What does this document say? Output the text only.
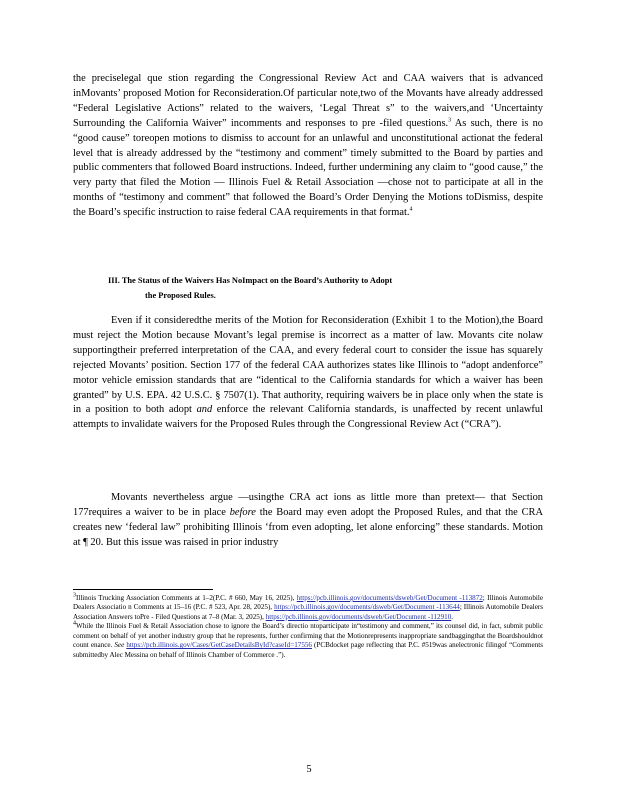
the preciselegal que stion regarding the Congressional Review Act and CAA waivers that is advanced inMovants’ proposed Motion for Reconsideration.Of particular note,two of the Movants have already addressed “Federal Legislative Actions” related to the waivers, ‘Legal Threat s” to the waivers,and ‘Uncertainty Surrounding the California Waiver” incomments and responses to pre -filed questions.$^3$ As such, there is no “good cause” toreopen motions to dismiss to account for an unlawful and unconstitutional actionat the federal level that is already addressed by the “testimony and comment” timely submitted to the Board by parties and public commenters that followed Board instructions. Indeed, further undermining any claim to “good cause,” the very party that filed the Motion — Illinois Fuel & Retail Association —chose not to participate at all in the months of “testimony and comment” that followed the Board’s Order Denying the Motions toDismiss, despite the Board’s specific instruction to raise federal CAA requirements in that format.$^4$

III. The Status of the Waivers Has NoImpact on the Board’s Authority to Adopt
the Proposed Rules.

Even if it consideredthe merits of the Motion for Reconsideration (Exhibit 1 to the Motion),the Board must reject the Motion because Movant’s legal premise is incorrect as a matter of law. Movants cite nolaw supportingtheir preferred interpretation of the CAA, and every federal court to consider the issue has squarely rejected Movants’ position. Section 177 of the federal CAA authorizes states like Illinois to “adopt andenforce” motor vehicle emission standards that are “identical to the California standards for which a waiver has been granted” by U.S. EPA. 42 U.S.C. § 7507(1). That authority, requiring waivers be in place only when the state is in a position to both adopt and enforce the relevant California standards, is unaffected by recent unlawful attempts to invalidate waivers for the Proposed Rules through the Congressional Review Act (“CRA”).

Movants nevertheless argue —usingthe CRA act ions as little more than pretext— that Section 177requires a waiver to be in place before the Board may even adopt the Proposed Rules, and that the CRA creates new ‘federal law” prohibiting Illinois ‘from even adopting, let alone enforcing” these standards. Motion at ¶ 20. But this issue was raised in prior industry

$^3$Illinois Trucking Association Comments at 1–2(P.C. # 660, May 16, 2025), https://pcb.illinois.gov/documents/dsweb/Get/Document -113872; Illinois Automobile Dealers Associatio n Comments at 15–16 (P.C. # 523, Apr. 28, 2025), https://pcb.illinois.gov/documents/dsweb/Get/Document -113644; Illinois Automobile Dealers Association Answers toPre - Filed Questions at 7–8 (Mar. 3, 2025), https://pcb.illinois.gov/documents/dsweb/Get/Document -112910.

$^4$While the Illinois Fuel & Retail Association chose to ignore the Board’s directio ntoparticipate in“testimony and comment,” its counsel did, in fact, submit public comment on behalf of yet another industry group that he represents, further confirming that the Motionrepresents inappropriate sandbaggingthat the Boardshouldnot count enance. See https://pcb.illinois.gov/Cases/GetCaseDetailsById?caseId=17556 (PCBdocket page reflecting that P.C. #519was anelectronic filingof “Comments submittedby Alec Messina on behalf of Illinois Chamber of Commerce .”).

5
